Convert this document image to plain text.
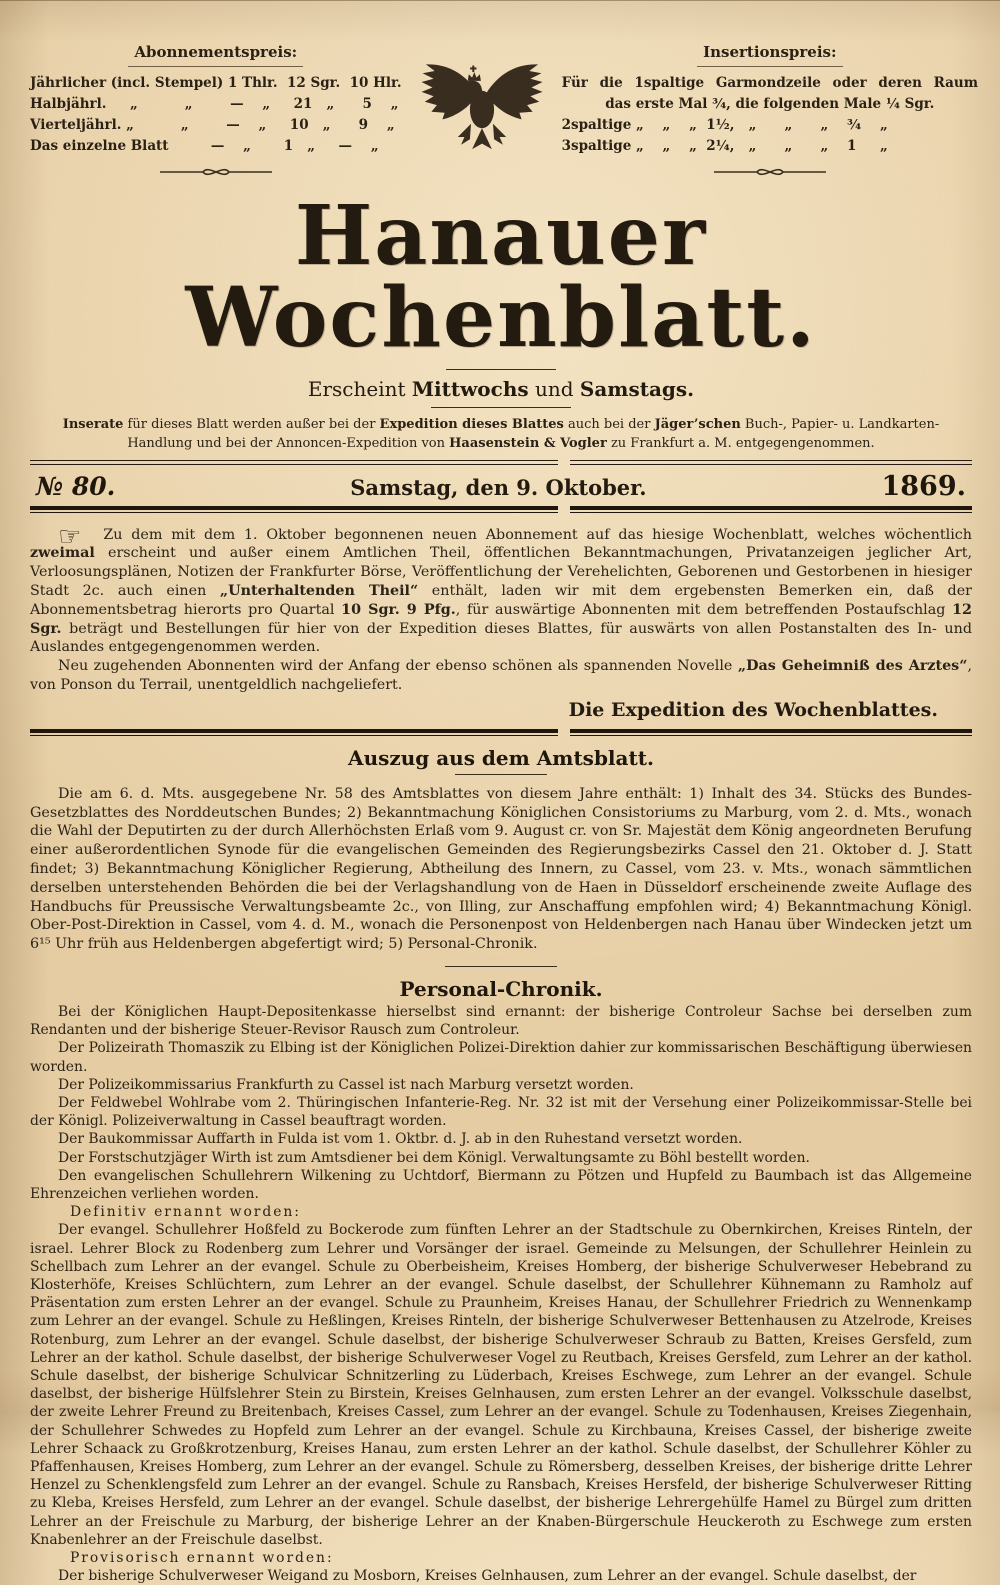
Abonnementspreis:
Jährlicher (incl. Stempel) 1 Thlr.  12 Sgr.  10 Hlr.
Halbjährl.     „          „        —    „     21   „      5    „
Vierteljährl. „          „        —    „     10   „      9    „
Das einzelne Blatt         —    „       1   „     —    „
Insertionspreis:
Für die 1spaltige Garmondzeile oder deren Raum
das erste Mal ¾, die folgenden Male ¼ Sgr.
2spaltige „    „    „  1½,   „      „      „    ¾    „
3spaltige „    „    „  2¼,   „      „      „    1     „
Hanauer Wochenblatt.
Erscheint Mittwochs und Samstags.
Inserate für dieses Blatt werden außer bei der Expedition dieses Blattes auch bei der Jäger’schen Buch-, Papier- u. Landkarten-Handlung und bei der Annoncen-Expedition von Haasenstein & Vogler zu Frankfurt a. M. entgegengenommen.
№ 80.	Samstag, den 9. Oktober.	1869.

☞ Zu dem mit dem 1. Oktober begonnenen neuen Abonnement auf das hiesige Wochenblatt, welches wöchentlich zweimal erscheint und außer einem Amtlichen Theil, öffentlichen Bekanntmachungen, Privatanzeigen jeglicher Art, Verloosungsplänen, Notizen der Frankfurter Börse, Veröffentlichung der Verehelichten, Geborenen und Gestorbenen in hiesiger Stadt 2c. auch einen „Unterhaltenden Theil“ enthält, laden wir mit dem ergebensten Bemerken ein, daß der Abonnementsbetrag hierorts pro Quartal 10 Sgr. 9 Pfg., für auswärtige Abonnenten mit dem betreffenden Postaufschlag 12 Sgr. beträgt und Bestellungen für hier von der Expedition dieses Blattes, für auswärts von allen Postanstalten des In- und Auslandes entgegengenommen werden.

Neu zugehenden Abonnenten wird der Anfang der ebenso schönen als spannenden Novelle „Das Geheimniß des Arztes“, von Ponson du Terrail, unentgeldlich nachgeliefert.

Die Expedition des Wochenblattes.
Auszug aus dem Amtsblatt.

Die am 6. d. Mts. ausgegebene Nr. 58 des Amtsblattes von diesem Jahre enthält: 1) Inhalt des 34. Stücks des Bundes-Gesetzblattes des Norddeutschen Bundes; 2) Bekanntmachung Königlichen Consistoriums zu Marburg, vom 2. d. Mts., wonach die Wahl der Deputirten zu der durch Allerhöchsten Erlaß vom 9. August cr. von Sr. Majestät dem König angeordneten Berufung einer außerordentlichen Synode für die evangelischen Gemeinden des Regierungsbezirks Cassel den 21. Oktober d. J. Statt findet; 3) Bekanntmachung Königlicher Regierung, Abtheilung des Innern, zu Cassel, vom 23. v. Mts., wonach sämmtlichen derselben unterstehenden Behörden die bei der Verlagshandlung von de Haen in Düsseldorf erscheinende zweite Auflage des Handbuchs für Preussische Verwaltungsbeamte 2c., von Illing, zur Anschaffung empfohlen wird; 4) Bekanntmachung Königl. Ober-Post-Direktion in Cassel, vom 4. d. M., wonach die Personenpost von Heldenbergen nach Hanau über Windecken jetzt um 6¹⁵ Uhr früh aus Heldenbergen abgefertigt wird; 5) Personal-Chronik.

Personal-Chronik.

Bei der Königlichen Haupt-Depositenkasse hierselbst sind ernannt: der bisherige Controleur Sachse bei derselben zum Rendanten und der bisherige Steuer-Revisor Rausch zum Controleur.

Der Polizeirath Thomaszik zu Elbing ist der Königlichen Polizei-Direktion dahier zur kommissarischen Beschäftigung überwiesen worden.

Der Polizeikommissarius Frankfurth zu Cassel ist nach Marburg versetzt worden.

Der Feldwebel Wohlrabe vom 2. Thüringischen Infanterie-Reg. Nr. 32 ist mit der Versehung einer Polizeikommissar-Stelle bei der Königl. Polizeiverwaltung in Cassel beauftragt worden.

Der Baukommissar Auffarth in Fulda ist vom 1. Oktbr. d. J. ab in den Ruhestand versetzt worden.

Der Forstschutzjäger Wirth ist zum Amtsdiener bei dem Königl. Verwaltungsamte zu Böhl bestellt worden.

Den evangelischen Schullehrern Wilkening zu Uchtdorf, Biermann zu Pötzen und Hupfeld zu Baumbach ist das Allgemeine Ehrenzeichen verliehen worden.

Definitiv ernannt worden:

Der evangel. Schullehrer Hoßfeld zu Bockerode zum fünften Lehrer an der Stadtschule zu Obernkirchen, Kreises Rinteln, der israel. Lehrer Block zu Rodenberg zum Lehrer und Vorsänger der israel. Gemeinde zu Melsungen, der Schullehrer Heinlein zu Schellbach zum Lehrer an der evangel. Schule zu Oberbeisheim, Kreises Homberg, der bisherige Schulverweser Hebebrand zu Klosterhöfe, Kreises Schlüchtern, zum Lehrer an der evangel. Schule daselbst, der Schullehrer Kühnemann zu Ramholz auf Präsentation zum ersten Lehrer an der evangel. Schule zu Praunheim, Kreises Hanau, der Schullehrer Friedrich zu Wennenkamp zum Lehrer an der evangel. Schule zu Heßlingen, Kreises Rinteln, der bisherige Schulverweser Bettenhausen zu Atzelrode, Kreises Rotenburg, zum Lehrer an der evangel. Schule daselbst, der bisherige Schulverweser Schraub zu Batten, Kreises Gersfeld, zum Lehrer an der kathol. Schule daselbst, der bisherige Schulverweser Vogel zu Reutbach, Kreises Gersfeld, zum Lehrer an der kathol. Schule daselbst, der bisherige Schulvicar Schnitzerling zu Lüderbach, Kreises Eschwege, zum Lehrer an der evangel. Schule daselbst, der bisherige Hülfslehrer Stein zu Birstein, Kreises Gelnhausen, zum ersten Lehrer an der evangel. Volksschule daselbst, der zweite Lehrer Freund zu Breitenbach, Kreises Cassel, zum Lehrer an der evangel. Schule zu Todenhausen, Kreises Ziegenhain, der Schullehrer Schwedes zu Hopfeld zum Lehrer an der evangel. Schule zu Kirchbauna, Kreises Cassel, der bisherige zweite Lehrer Schaack zu Großkrotzenburg, Kreises Hanau, zum ersten Lehrer an der kathol. Schule daselbst, der Schullehrer Köhler zu Pfaffenhausen, Kreises Homberg, zum Lehrer an der evangel. Schule zu Römersberg, desselben Kreises, der bisherige dritte Lehrer Henzel zu Schenklengsfeld zum Lehrer an der evangel. Schule zu Ransbach, Kreises Hersfeld, der bisherige Schulverweser Ritting zu Kleba, Kreises Hersfeld, zum Lehrer an der evangel. Schule daselbst, der bisherige Lehrergehülfe Hamel zu Bürgel zum dritten Lehrer an der Freischule zu Marburg, der bisherige Lehrer an der Knaben-Bürgerschule Heuckeroth zu Eschwege zum ersten Knabenlehrer an der Freischule daselbst.

Provisorisch ernannt worden:

Der bisherige Schulverweser Weigand zu Mosborn, Kreises Gelnhausen, zum Lehrer an der evangel. Schule daselbst, der
